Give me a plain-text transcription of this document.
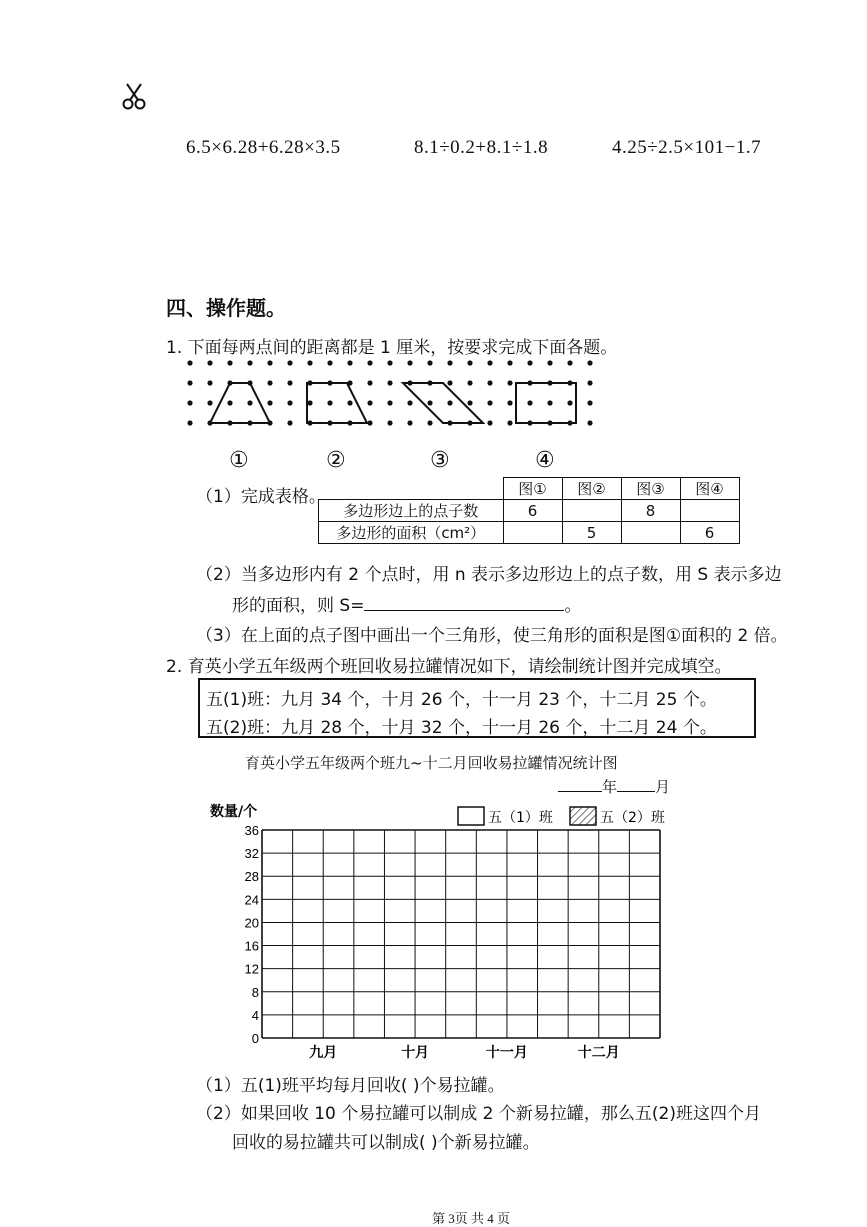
6.5×6.28+6.28×3.5	8.1÷0.2+8.1÷1.8	4.25÷2.5×101−1.7
四、操作题。
1. 下面每两点间的距离都是 1 厘米，按要求完成下面各题。
①	②	③	④
（1）完成表格。
		图①	图②	图③	图④
多边形边上的点子数	6		8	
多边形的面积（cm²）		5		6
（2）当多边形内有 2 个点时，用 n 表示多边形边上的点子数，用 S 表示多边
形的面积，则 S=	。
（3）在上面的点子图中画出一个三角形，使三角形的面积是图①面积的 2 倍。
2. 育英小学五年级两个班回收易拉罐情况如下，请绘制统计图并完成填空。
五(1)班：九月 34 个，十月 26 个，十一月 23 个，十二月 25 个。
五(2)班：九月 28 个，十月 32 个，十一月 26 个，十二月 24 个。
育英小学五年级两个班九~十二月回收易拉罐情况统计图
年	月
0
4
8
12
16
20
24
28
32
36
九月	十月	十一月	十二月
数量/个	五（1）班	五（2）班
（1）五(1)班平均每月回收( )个易拉罐。
（2）如果回收 10 个易拉罐可以制成 2 个新易拉罐，那么五(2)班这四个月
回收的易拉罐共可以制成( )个新易拉罐。
第 3页 共 4 页
